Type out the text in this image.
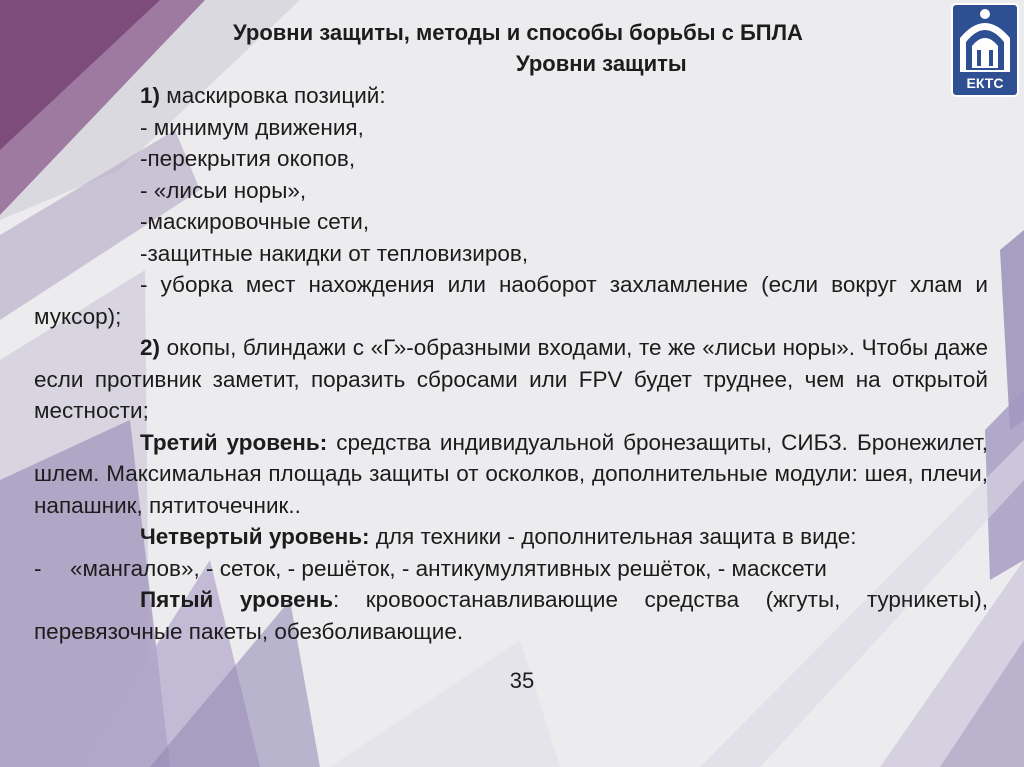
ЕКТС
Уровни защиты, методы и способы борьбы с БПЛА
Уровни защиты
1) маскировка позиций:
- минимум движения,
-перекрытия окопов,
- «лисьи норы»,
-маскировочные сети,
-защитные накидки от тепловизиров,
- уборка мест нахождения или наоборот захламление (если вокруг хлам и муксор);
2) окопы, блиндажи с «Г»-образными входами, те же «лисьи норы». Чтобы даже если противник заметит, поразить сбросами или FPV будет труднее, чем на открытой местности;
Третий уровень: средства индивидуальной бронезащиты, СИБЗ. Бронежилет, шлем. Максимальная площадь защиты от осколков, дополнительные модули: шея, плечи, напашник, пятиточечник..
Четвертый уровень: для техники - дополнительная защита в виде:
-	«мангалов», - сеток, - решёток, - антикумулятивных решёток, - масксети
Пятый уровень: кровоостанавливающие средства (жгуты, турникеты), перевязочные пакеты, обезболивающие.
35
